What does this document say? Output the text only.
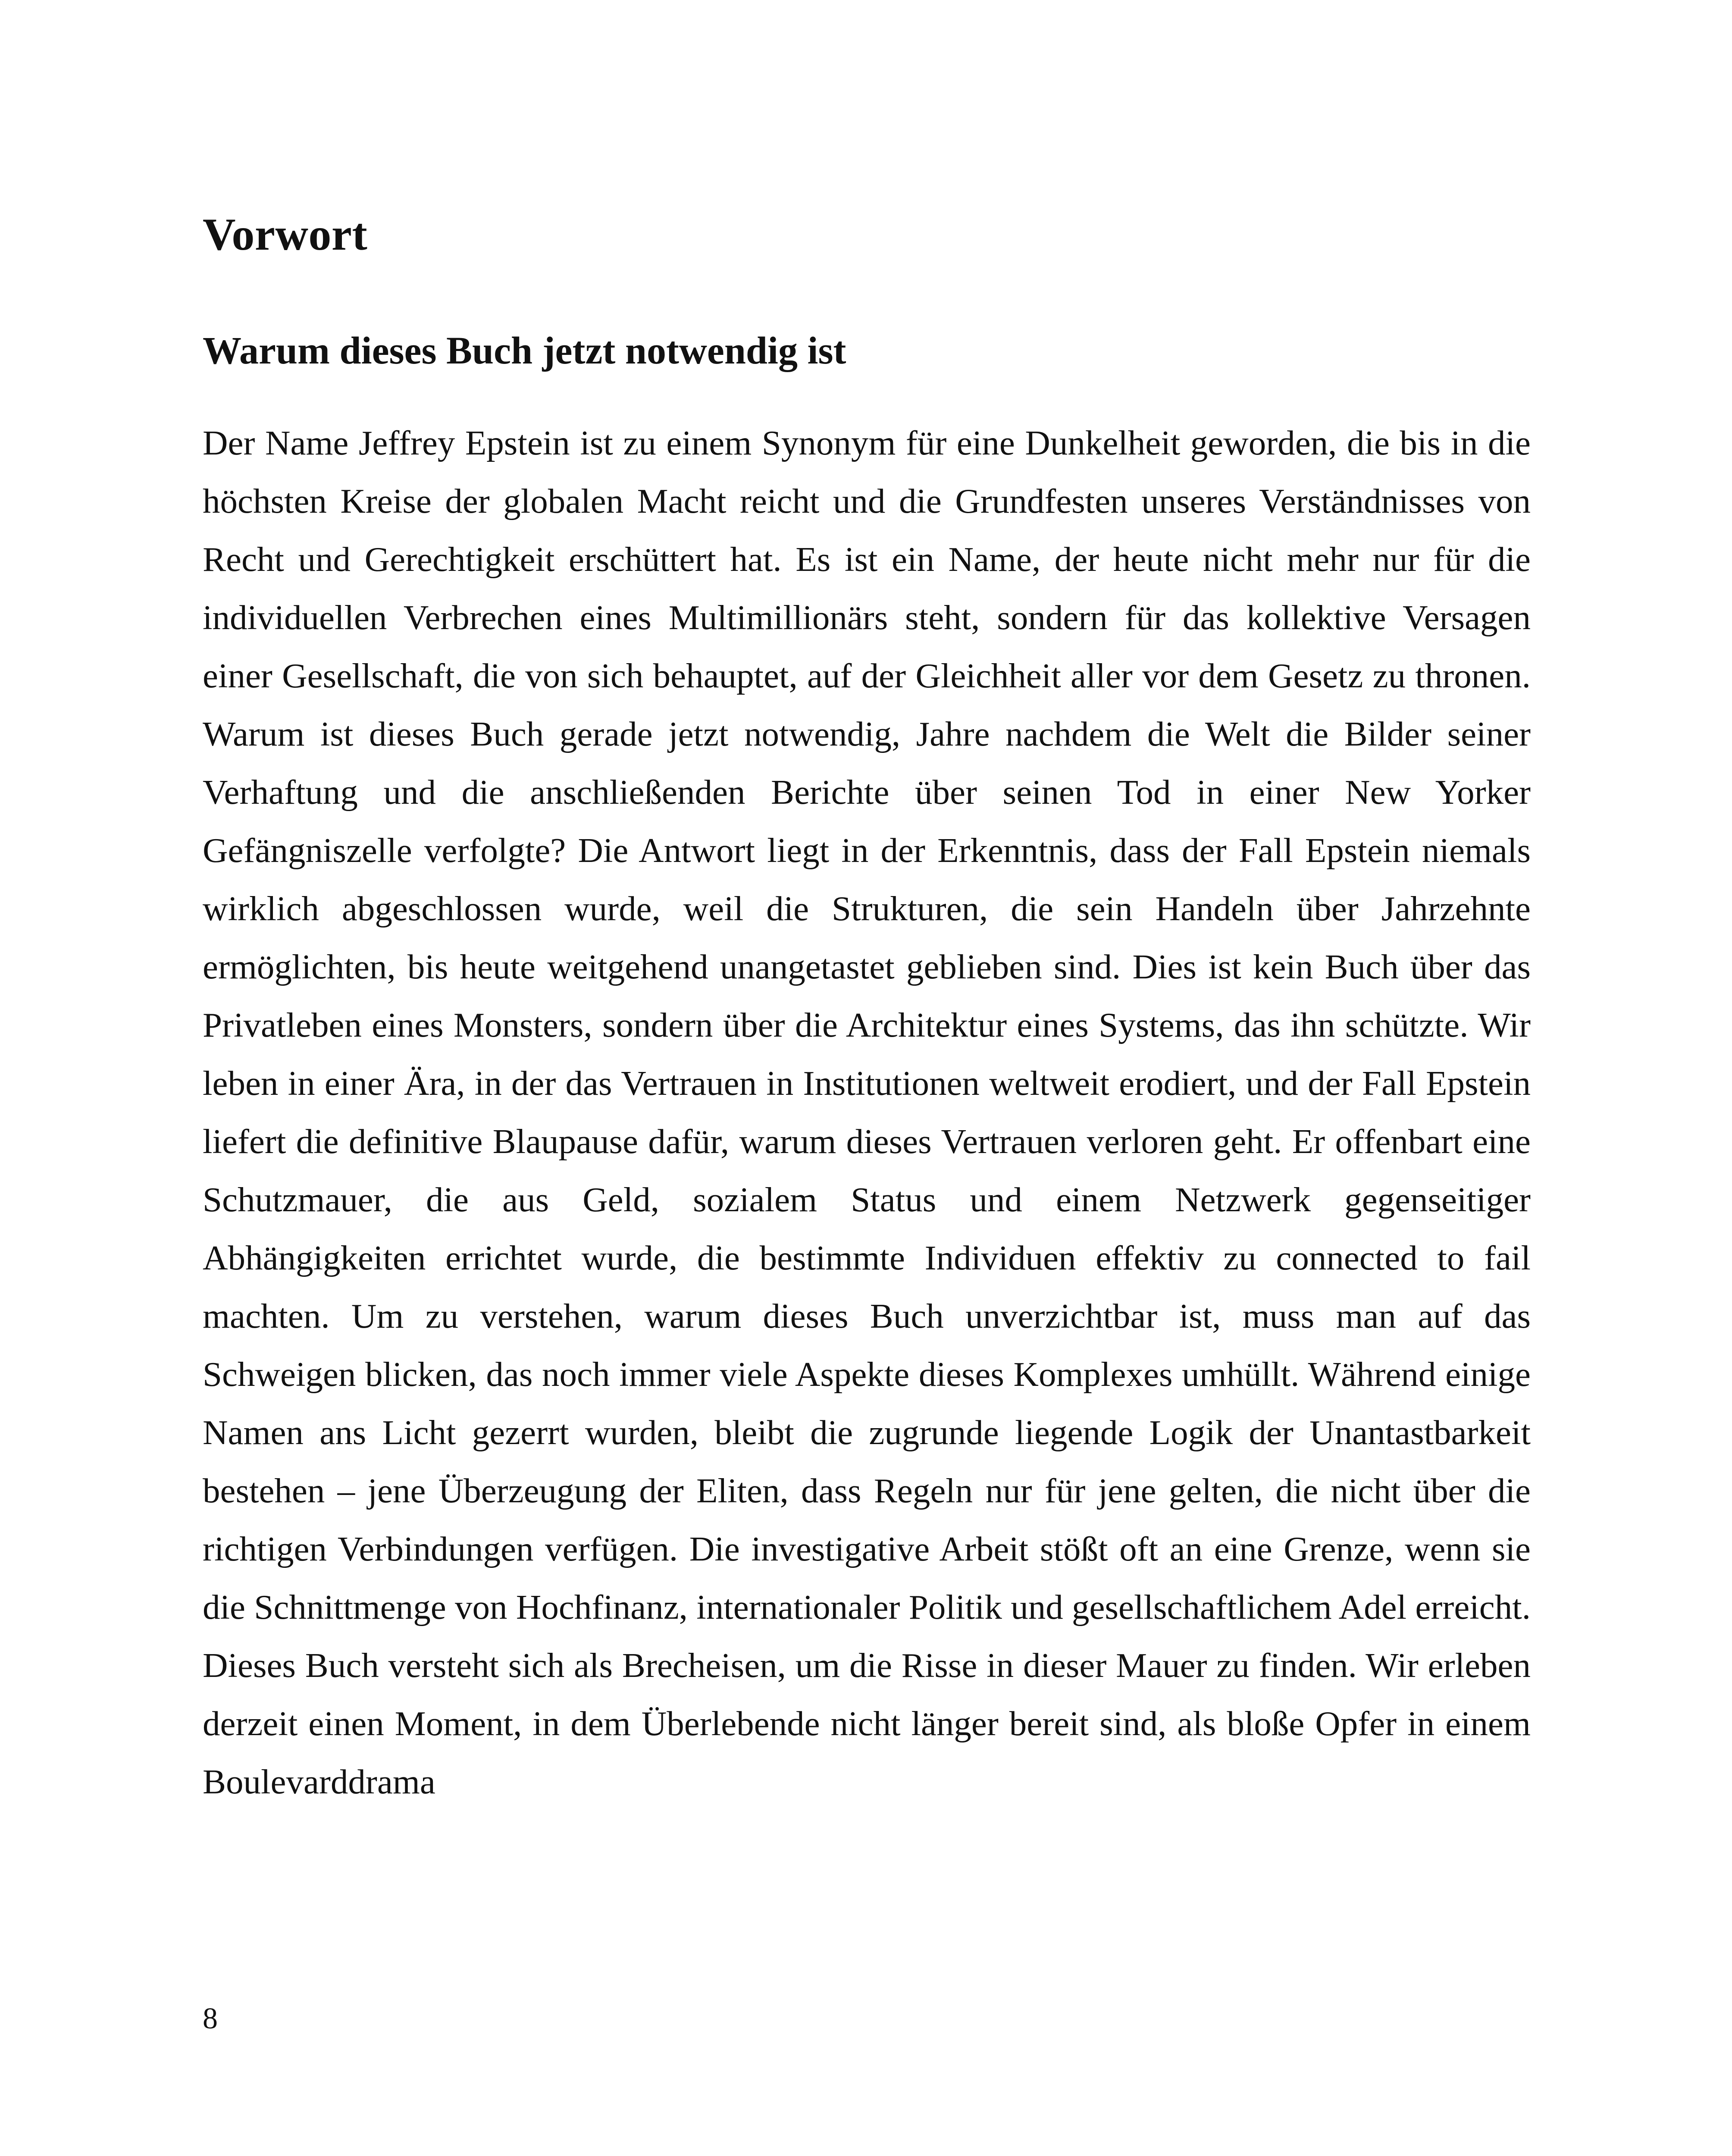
Vorwort
Warum dieses Buch jetzt notwendig ist

Der Name Jeffrey Epstein ist zu einem Synonym für eine Dunkelheit geworden, die bis in die höchsten Kreise der globalen Macht reicht und die Grundfesten unseres Verständnisses von Recht und Gerechtigkeit erschüttert hat. Es ist ein Name, der heute nicht mehr nur für die individuellen Verbrechen eines Multimillionärs steht, sondern für das kollektive Versagen einer Gesellschaft, die von sich behauptet, auf der Gleichheit aller vor dem Gesetz zu thronen. Warum ist dieses Buch gerade jetzt notwendig, Jahre nachdem die Welt die Bilder seiner Verhaftung und die anschließenden Berichte über seinen Tod in einer New Yorker Gefängniszelle verfolgte? Die Antwort liegt in der Erkenntnis, dass der Fall Epstein niemals wirklich abgeschlossen wurde, weil die Strukturen, die sein Handeln über Jahrzehnte ermöglichten, bis heute weitgehend unangetastet geblieben sind. Dies ist kein Buch über das Privatleben eines Monsters, sondern über die Architektur eines Systems, das ihn schützte. Wir leben in einer Ära, in der das Vertrauen in Institutionen weltweit erodiert, und der Fall Epstein liefert die definitive Blaupause dafür, warum dieses Vertrauen verloren geht. Er offenbart eine Schutzmauer, die aus Geld, sozialem Status und einem Netzwerk gegenseitiger Abhängigkeiten errichtet wurde, die bestimmte Individuen effektiv zu connected to fail machten. Um zu verstehen, warum dieses Buch unverzichtbar ist, muss man auf das Schweigen blicken, das noch immer viele Aspekte dieses Komplexes umhüllt. Während einige Namen ans Licht gezerrt wurden, bleibt die zugrunde liegende Logik der Unantastbarkeit bestehen – jene Überzeugung der Eliten, dass Regeln nur für jene gelten, die nicht über die richtigen Verbindungen verfügen. Die investigative Arbeit stößt oft an eine Grenze, wenn sie die Schnittmenge von Hochfinanz, internationaler Politik und gesellschaftlichem Adel erreicht. Dieses Buch versteht sich als Brecheisen, um die Risse in dieser Mauer zu finden. Wir erleben derzeit einen Moment, in dem Überlebende nicht länger bereit sind, als bloße Opfer in einem Boulevarddrama

8
